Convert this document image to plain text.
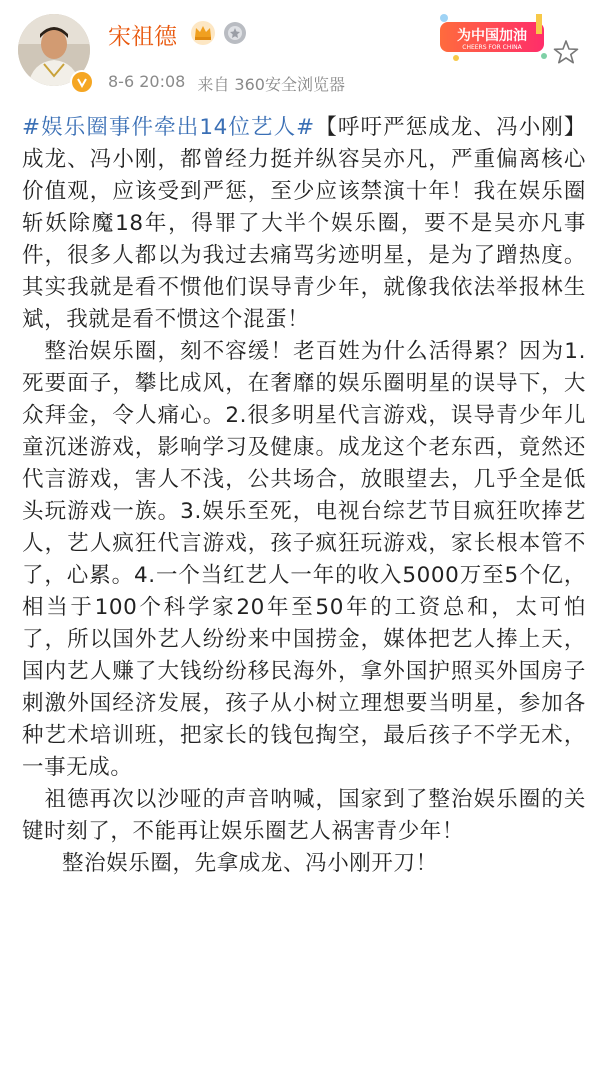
宋祖德
8-6 20:08 来自 360安全浏览器
为中国加油
CHEERS FOR CHINA

#娱乐圈事件牵出14位艺人#【呼吁严惩成龙、冯小刚】成龙、冯小刚，都曾经力挺并纵容吴亦凡，严重偏离核心价值观，应该受到严惩，至少应该禁演十年！我在娱乐圈斩妖除魔18年，得罪了大半个娱乐圈，要不是吴亦凡事件，很多人都以为我过去痛骂劣迹明星，是为了蹭热度。其实我就是看不惯他们误导青少年，就像我依法举报林生斌，我就是看不惯这个混蛋！

整治娱乐圈，刻不容缓！老百姓为什么活得累？因为1.死要面子，攀比成风，在奢靡的娱乐圈明星的误导下，大众拜金，令人痛心。2.很多明星代言游戏，误导青少年儿童沉迷游戏，影响学习及健康。成龙这个老东西，竟然还代言游戏，害人不浅，公共场合，放眼望去，几乎全是低头玩游戏一族。3.娱乐至死，电视台综艺节目疯狂吹捧艺人，艺人疯狂代言游戏，孩子疯狂玩游戏，家长根本管不了，心累。4.一个当红艺人一年的收入5000万至5个亿，相当于100个科学家20年至50年的工资总和，太可怕了，所以国外艺人纷纷来中国捞金，媒体把艺人捧上天，国内艺人赚了大钱纷纷移民海外，拿外国护照买外国房子刺激外国经济发展，孩子从小树立理想要当明星，参加各种艺术培训班，把家长的钱包掏空，最后孩子不学无术，一事无成。

祖德再次以沙哑的声音呐喊，国家到了整治娱乐圈的关键时刻了，不能再让娱乐圈艺人祸害青少年！

整治娱乐圈，先拿成龙、冯小刚开刀！
